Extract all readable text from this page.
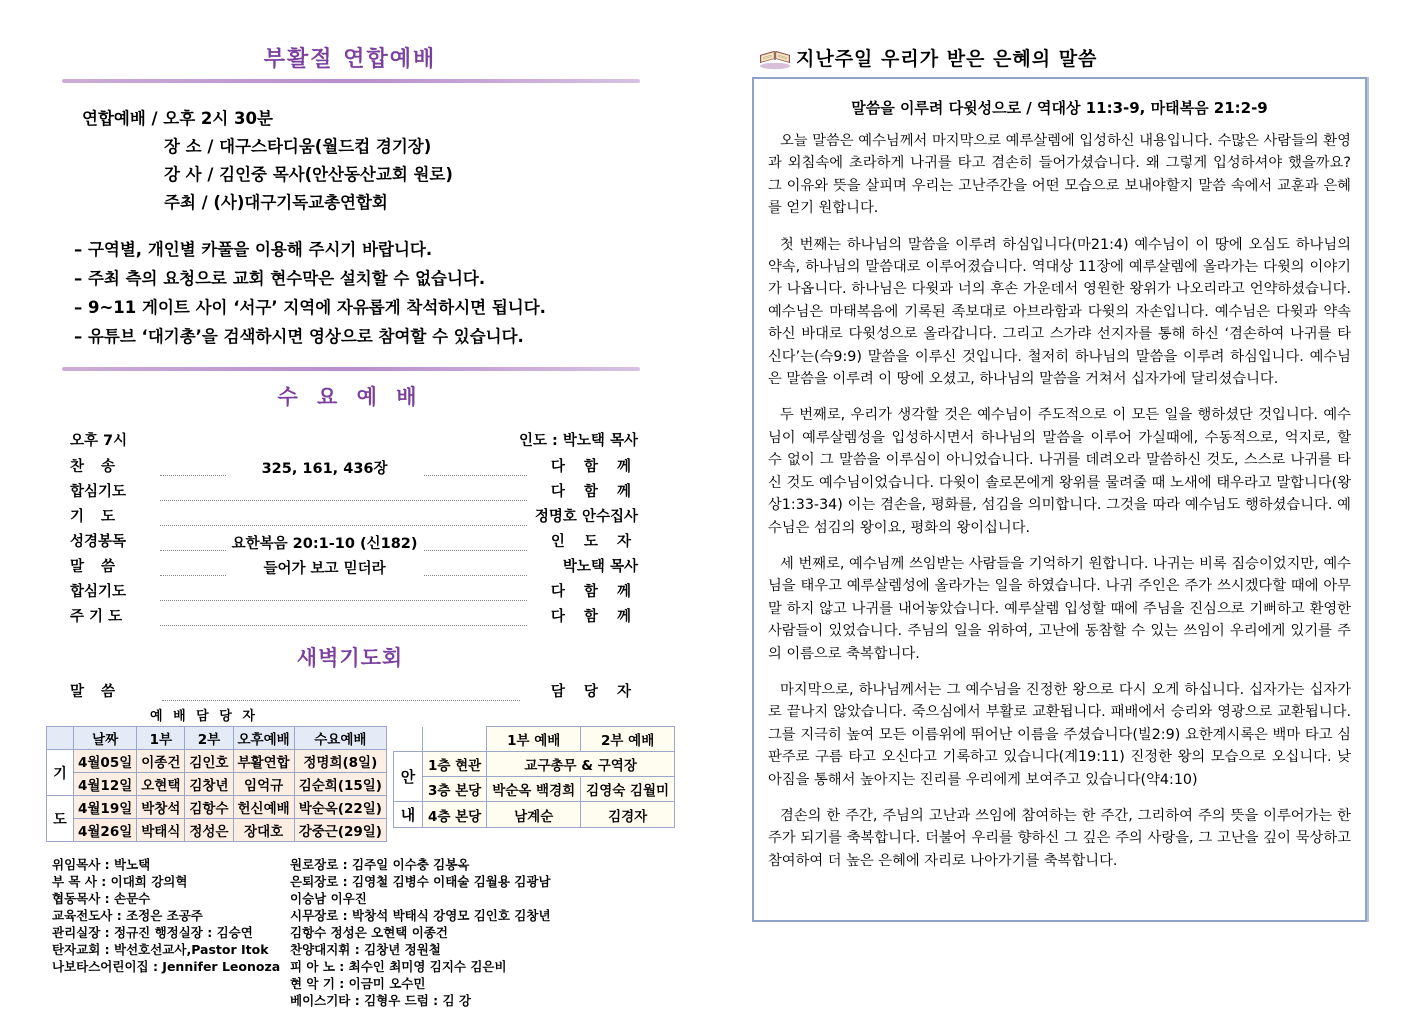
부활절 연합예배
연합예배 / 오후 2시 30분
장 소 / 대구스타디움(월드컵 경기장)
강 사 / 김인중 목사(안산동산교회 원로)
주최 / (사)대구기독교총연합회
– 구역별, 개인별 카풀을 이용해 주시기 바랍니다.
– 주최 측의 요청으로 교회 현수막은 설치할 수 없습니다.
– 9~11 게이트 사이 ‘서구’ 지역에 자유롭게 착석하시면 됩니다.
– 유튜브 ‘대기총’을 검색하시면 영상으로 참여할 수 있습니다.
수 요 예 배
오후 7시	인도 : 박노택 목사
찬 송		325, 161, 436장		다 함 께
합심기도				다 함 께
기 도				정명호 안수집사
성경봉독		요한복음 20:1-10 (신182)		인 도 자
말 씀		들어가 보고 믿더라		박노택 목사
합심기도				다 함 께
주 기 도				다 함 께
새벽기도회
말 씀		담 당 자
예 배 담 당 자
	날짜	1부	2부	오후예배	수요예배
기	4월05일	이종건	김인호	부활연합	정명희(8일)
	4월12일	오현택	김창년	임억규	김순희(15일)
도	4월19일	박창석	김항수	헌신예배	박순옥(22일)
	4월26일	박태식	정성은	장대호	강중근(29일)
		1부 예배	2부 예배
안	1층 현관	교구총무 & 구역장	
	3층 본당	박순옥 백경희	김영숙 김월미
내	4층 본당	남계순	김경자
위임목사 : 박노택
부 목 사 : 이대희 강의혁
협동목사 : 손문수
교육전도사 : 조정은 조공주
관리실장 : 정규진 행정실장 : 김승연
탄자교회 : 박선호선교사,Pastor Itok
나보타스어린이집 : Jennifer Leonoza
원로장로 : 김주일 이수충 김봉옥
은퇴장로 : 김영철 김병수 이태술 김월용 김광남
이승남 이우진
시무장로 : 박창석 박태식 강영모 김인호 김창년
김항수 정성은 오현택 이종건
찬양대지휘 : 김창년 정원철
피 아 노 : 최수인 최미영 김지수 김은비
현 악 기 : 이금미 오수민
베이스기타 : 김형우 드럼 : 김 강
지난주일 우리가 받은 은혜의 말씀
말씀을 이루려 다윗성으로 / 역대상 11:3-9, 마태복음 21:2-9

오늘 말씀은 예수님께서 마지막으로 예루살렘에 입성하신 내용입니다. 수많은 사람들의 환영과 외침속에 초라하게 나귀를 타고 겸손히 들어가셨습니다. 왜 그렇게 입성하셔야 했을까요? 그 이유와 뜻을 살피며 우리는 고난주간을 어떤 모습으로 보내야할지 말씀 속에서 교훈과 은혜를 얻기 원합니다.

첫 번째는 하나님의 말씀을 이루려 하심입니다(마21:4) 예수님이 이 땅에 오심도 하나님의 약속, 하나님의 말씀대로 이루어졌습니다. 역대상 11장에 예루살렘에 올라가는 다윗의 이야기가 나옵니다. 하나님은 다윗과 너의 후손 가운데서 영원한 왕위가 나오리라고 언약하셨습니다. 예수님은 마태복음에 기록된 족보대로 아브라함과 다윗의 자손입니다. 예수님은 다윗과 약속하신 바대로 다윗성으로 올라갑니다. 그리고 스가랴 선지자를 통해 하신 ‘겸손하여 나귀를 타신다’는(슥9:9) 말씀을 이루신 것입니다. 철저히 하나님의 말씀을 이루려 하심입니다. 예수님은 말씀을 이루려 이 땅에 오셨고, 하나님의 말씀을 거쳐서 십자가에 달리셨습니다.

두 번째로, 우리가 생각할 것은 예수님이 주도적으로 이 모든 일을 행하셨단 것입니다. 예수님이 예루살렘성을 입성하시면서 하나님의 말씀을 이루어 가실때에, 수동적으로, 억지로, 할 수 없이 그 말씀을 이루심이 아니었습니다. 나귀를 데려오라 말씀하신 것도, 스스로 나귀를 타신 것도 예수님이었습니다. 다윗이 솔로몬에게 왕위를 물려줄 때 노새에 태우라고 말합니다(왕상1:33-34) 이는 겸손을, 평화를, 섬김을 의미합니다. 그것을 따라 예수님도 행하셨습니다. 예수님은 섬김의 왕이요, 평화의 왕이십니다.

세 번째로, 예수님께 쓰임받는 사람들을 기억하기 원합니다. 나귀는 비록 짐승이었지만, 예수님을 태우고 예루살렘성에 올라가는 일을 하였습니다. 나귀 주인은 주가 쓰시겠다할 때에 아무 말 하지 않고 나귀를 내어놓았습니다. 예루살렘 입성할 때에 주님을 진심으로 기뻐하고 환영한 사람들이 있었습니다. 주님의 일을 위하여, 고난에 동참할 수 있는 쓰임이 우리에게 있기를 주의 이름으로 축복합니다.

마지막으로, 하나님께서는 그 예수님을 진정한 왕으로 다시 오게 하십니다. 십자가는 십자가로 끝나지 않았습니다. 죽으심에서 부활로 교환됩니다. 패배에서 승리와 영광으로 교환됩니다. 그를 지극히 높여 모든 이름위에 뛰어난 이름을 주셨습니다(빌2:9) 요한계시록은 백마 타고 심판주로 구름 타고 오신다고 기록하고 있습니다(계19:11) 진정한 왕의 모습으로 오십니다. 낮아짐을 통해서 높아지는 진리를 우리에게 보여주고 있습니다(약4:10)

겸손의 한 주간, 주님의 고난과 쓰임에 참여하는 한 주간, 그리하여 주의 뜻을 이루어가는 한 주가 되기를 축복합니다. 더불어 우리를 향하신 그 깊은 주의 사랑을, 그 고난을 깊이 묵상하고 참여하여 더 높은 은혜에 자리로 나아가기를 축복합니다.
